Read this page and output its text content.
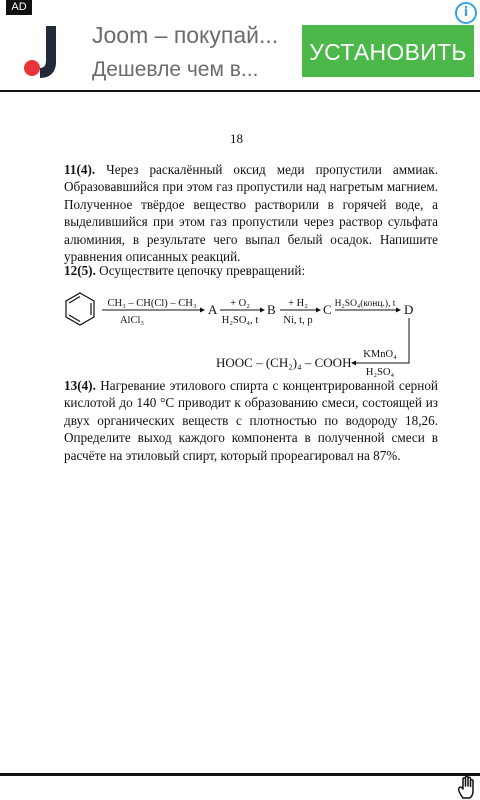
AD	i
Joom – покупай...
Дешевле чем в...
УСТАНОВИТЬ
18

11(4). Через раскалённый оксид меди пропустили аммиак. Образовавшийся при этом газ пропустили над нагретым магнием. Полученное твёрдое вещество растворили в горячей воде, а выделившийся при этом газ пропустили через раствор сульфата алюминия, в результате чего выпал белый осадок. Напишите уравнения описанных реакций.

12(5). Осуществите цепочку превращений:

CH₃ – CH(Cl) – CH₃
AlCl₃
A + O₂
H₂SO₄, t
B + H₂
Ni, t, p
C H₂SO₄(конц.), t D
KMnO₄
H₂SO₄
HOOC – (CH₂)₄ – COOH

13(4). Нагревание этилового спирта с концентрированной серной кислотой до 140 °С приводит к образованию смеси, состоящей из двух органических веществ с плотностью по водороду 18,26. Определите выход каждого компонента в полученной смеси в расчёте на этиловый спирт, который прореагировал на 87%.
